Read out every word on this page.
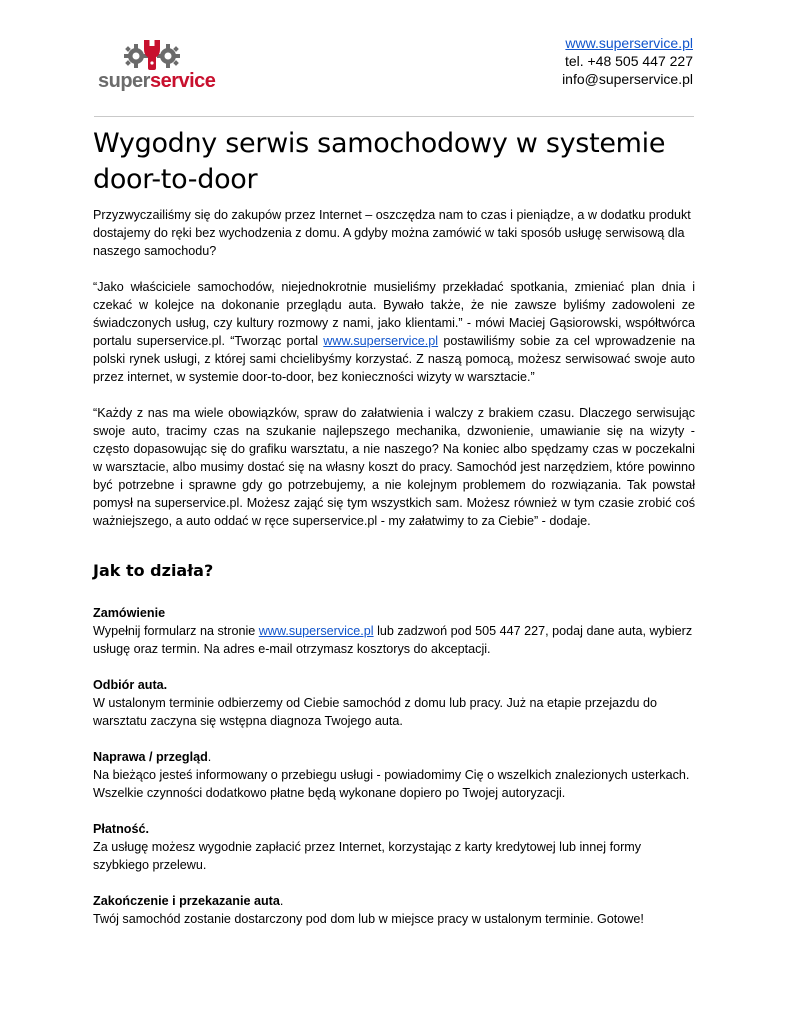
superservice
www.superservice.pl
tel. +48 505 447 227
info@superservice.pl
Wygodny serwis samochodowy w systemie
door-to-door

Przyzwyczailiśmy się do zakupów przez Internet – oszczędza nam to czas i pieniądze, a w dodatku produkt dostajemy do ręki bez wychodzenia z domu. A gdyby można zamówić w taki sposób usługę serwisową dla naszego samochodu?

“Jako właściciele samochodów, niejednokrotnie musieliśmy przekładać spotkania, zmieniać plan dnia i czekać w kolejce na dokonanie przeglądu auta. Bywało także, że nie zawsze byliśmy zadowoleni ze świadczonych usług, czy kultury rozmowy z nami, jako klientami.” - mówi Maciej Gąsiorowski, współtwórca portalu superservice.pl. “Tworząc portal www.superservice.pl postawiliśmy sobie za cel wprowadzenie na polski rynek usługi, z której sami chcielibyśmy korzystać. Z naszą pomocą, możesz serwisować swoje auto przez internet, w systemie door-to-door, bez konieczności wizyty w warsztacie.”

“Każdy z nas ma wiele obowiązków, spraw do załatwienia i walczy z brakiem czasu. Dlaczego serwisując swoje auto, tracimy czas na szukanie najlepszego mechanika, dzwonienie, umawianie się na wizyty - często dopasowując się do grafiku warsztatu, a nie naszego? Na koniec albo spędzamy czas w poczekalni w warsztacie, albo musimy dostać się na własny koszt do pracy. Samochód jest narzędziem, które powinno być potrzebne i sprawne gdy go potrzebujemy, a nie kolejnym problemem do rozwiązania. Tak powstał pomysł na superservice.pl. Możesz zająć się tym wszystkich sam. Możesz również w tym czasie zrobić coś ważniejszego, a auto oddać w ręce superservice.pl - my załatwimy to za Ciebie” - dodaje.

Jak to działa?
Zamówienie

Wypełnij formularz na stronie www.superservice.pl lub zadzwoń pod 505 447 227, podaj dane auta, wybierz usługę oraz termin. Na adres e-mail otrzymasz kosztorys do akceptacji.

Odbiór auta.

W ustalonym terminie odbierzemy od Ciebie samochód z domu lub pracy. Już na etapie przejazdu do warsztatu zaczyna się wstępna diagnoza Twojego auta.

Naprawa / przegląd.

Na bieżąco jesteś informowany o przebiegu usługi - powiadomimy Cię o wszelkich znalezionych usterkach. Wszelkie czynności dodatkowo płatne będą wykonane dopiero po Twojej autoryzacji.

Płatność.

Za usługę możesz wygodnie zapłacić przez Internet, korzystając z karty kredytowej lub innej formy szybkiego przelewu.

Zakończenie i przekazanie auta.

Twój samochód zostanie dostarczony pod dom lub w miejsce pracy w ustalonym terminie. Gotowe!
